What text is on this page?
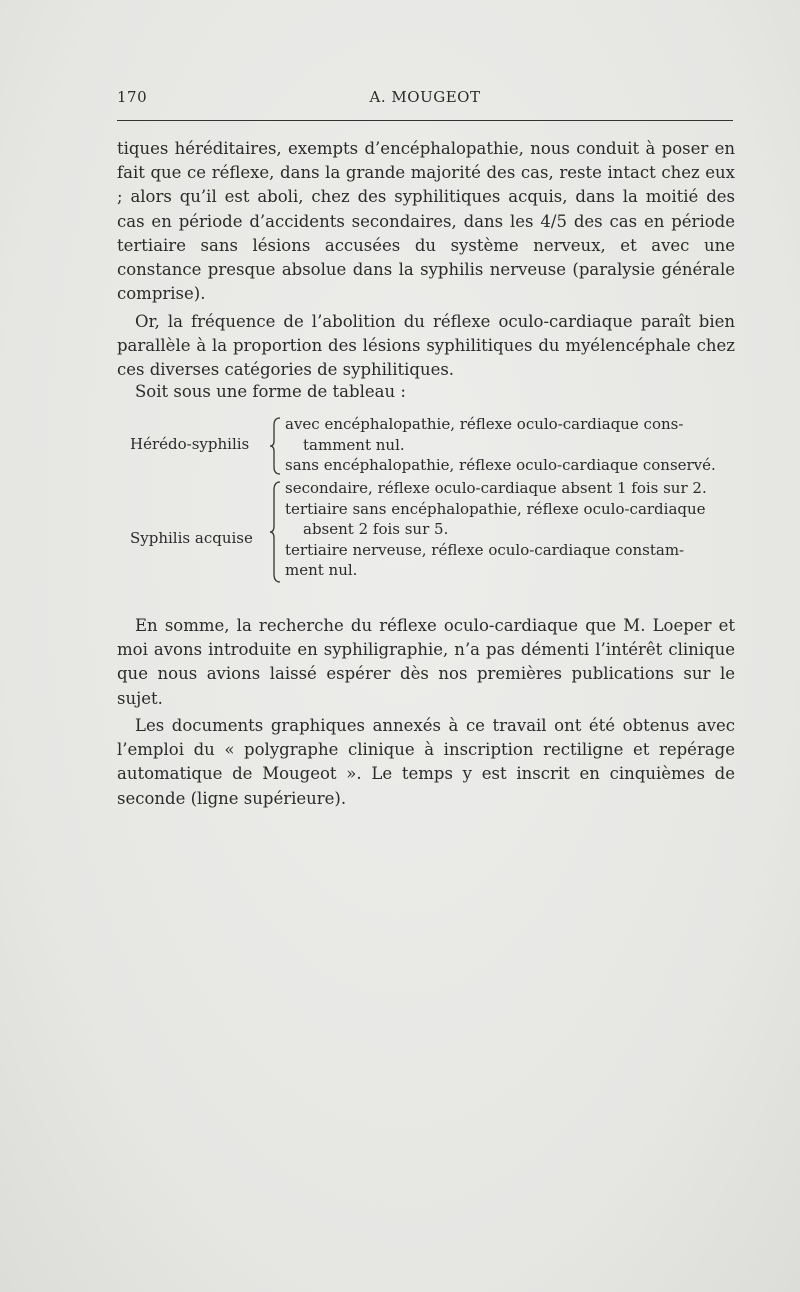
170	A. MOUGEOT

tiques héréditaires, exempts d’encéphalopathie, nous conduit à poser en fait que ce réflexe, dans la grande majorité des cas, reste intact chez eux ; alors qu’il est aboli, chez des syphilitiques acquis, dans la moitié des cas en période d’accidents secondaires, dans les 4/5 des cas en période tertiaire sans lésions accusées du système nerveux, et avec une constance presque absolue dans la syphilis nerveuse (paralysie générale comprise).

Or, la fréquence de l’abolition du réflexe oculo-cardiaque paraît bien parallèle à la proportion des lésions syphilitiques du myélencéphale chez ces diverses catégories de syphilitiques.

Soit sous une forme de tableau :

Hérédo-syphilis
avec encéphalopathie, réflexe oculo-cardiaque cons-
tamment nul.
sans encéphalopathie, réflexe oculo-cardiaque conservé.
Syphilis acquise
secondaire, réflexe oculo-cardiaque absent 1 fois sur 2.
tertiaire sans encéphalopathie, réflexe oculo-cardiaque
absent 2 fois sur 5.
tertiaire nerveuse, réflexe oculo-cardiaque constam-
ment nul.

En somme, la recherche du réflexe oculo-cardiaque que M. Loeper et moi avons introduite en syphiligraphie, n’a pas démenti l’intérêt clinique que nous avions laissé espérer dès nos premières publications sur le sujet.

Les documents graphiques annexés à ce travail ont été obtenus avec l’emploi du « polygraphe clinique à inscription rectiligne et repérage automatique de Mougeot ». Le temps y est inscrit en cinquièmes de seconde (ligne supérieure).
